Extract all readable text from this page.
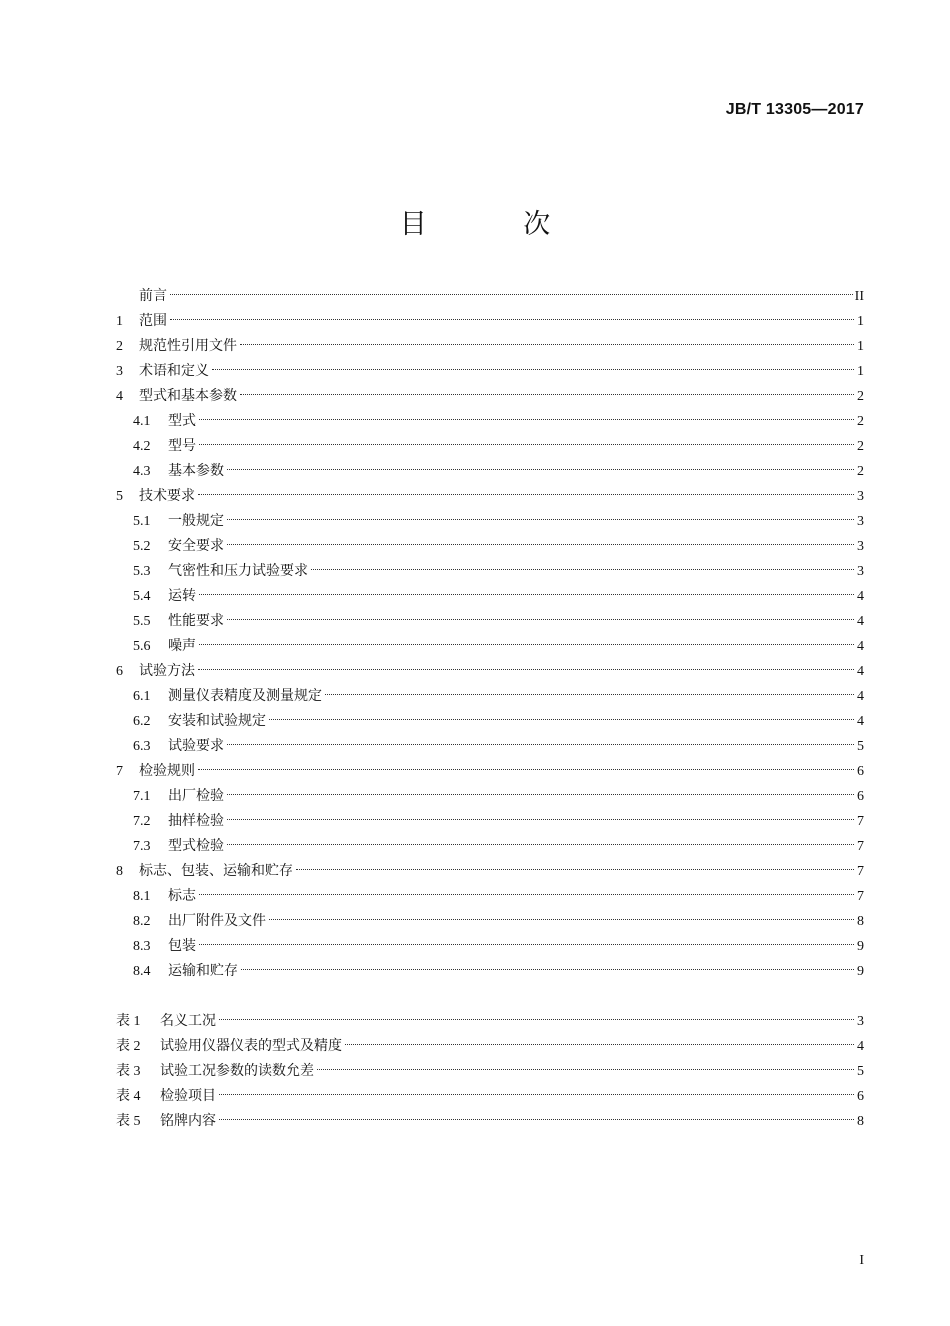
JB/T 13305—2017
目 次
前言	II
1	范围	1
2	规范性引用文件	1
3	术语和定义	1
4	型式和基本参数	2
4.1	型式	2
4.2	型号	2
4.3	基本参数	2
5	技术要求	3
5.1	一般规定	3
5.2	安全要求	3
5.3	气密性和压力试验要求	3
5.4	运转	4
5.5	性能要求	4
5.6	噪声	4
6	试验方法	4
6.1	测量仪表精度及测量规定	4
6.2	安装和试验规定	4
6.3	试验要求	5
7	检验规则	6
7.1	出厂检验	6
7.2	抽样检验	7
7.3	型式检验	7
8	标志、包装、运输和贮存	7
8.1	标志	7
8.2	出厂附件及文件	8
8.3	包装	9
8.4	运输和贮存	9
表 1	名义工况	3
表 2	试验用仪器仪表的型式及精度	4
表 3	试验工况参数的读数允差	5
表 4	检验项目	6
表 5	铭牌内容	8
I
